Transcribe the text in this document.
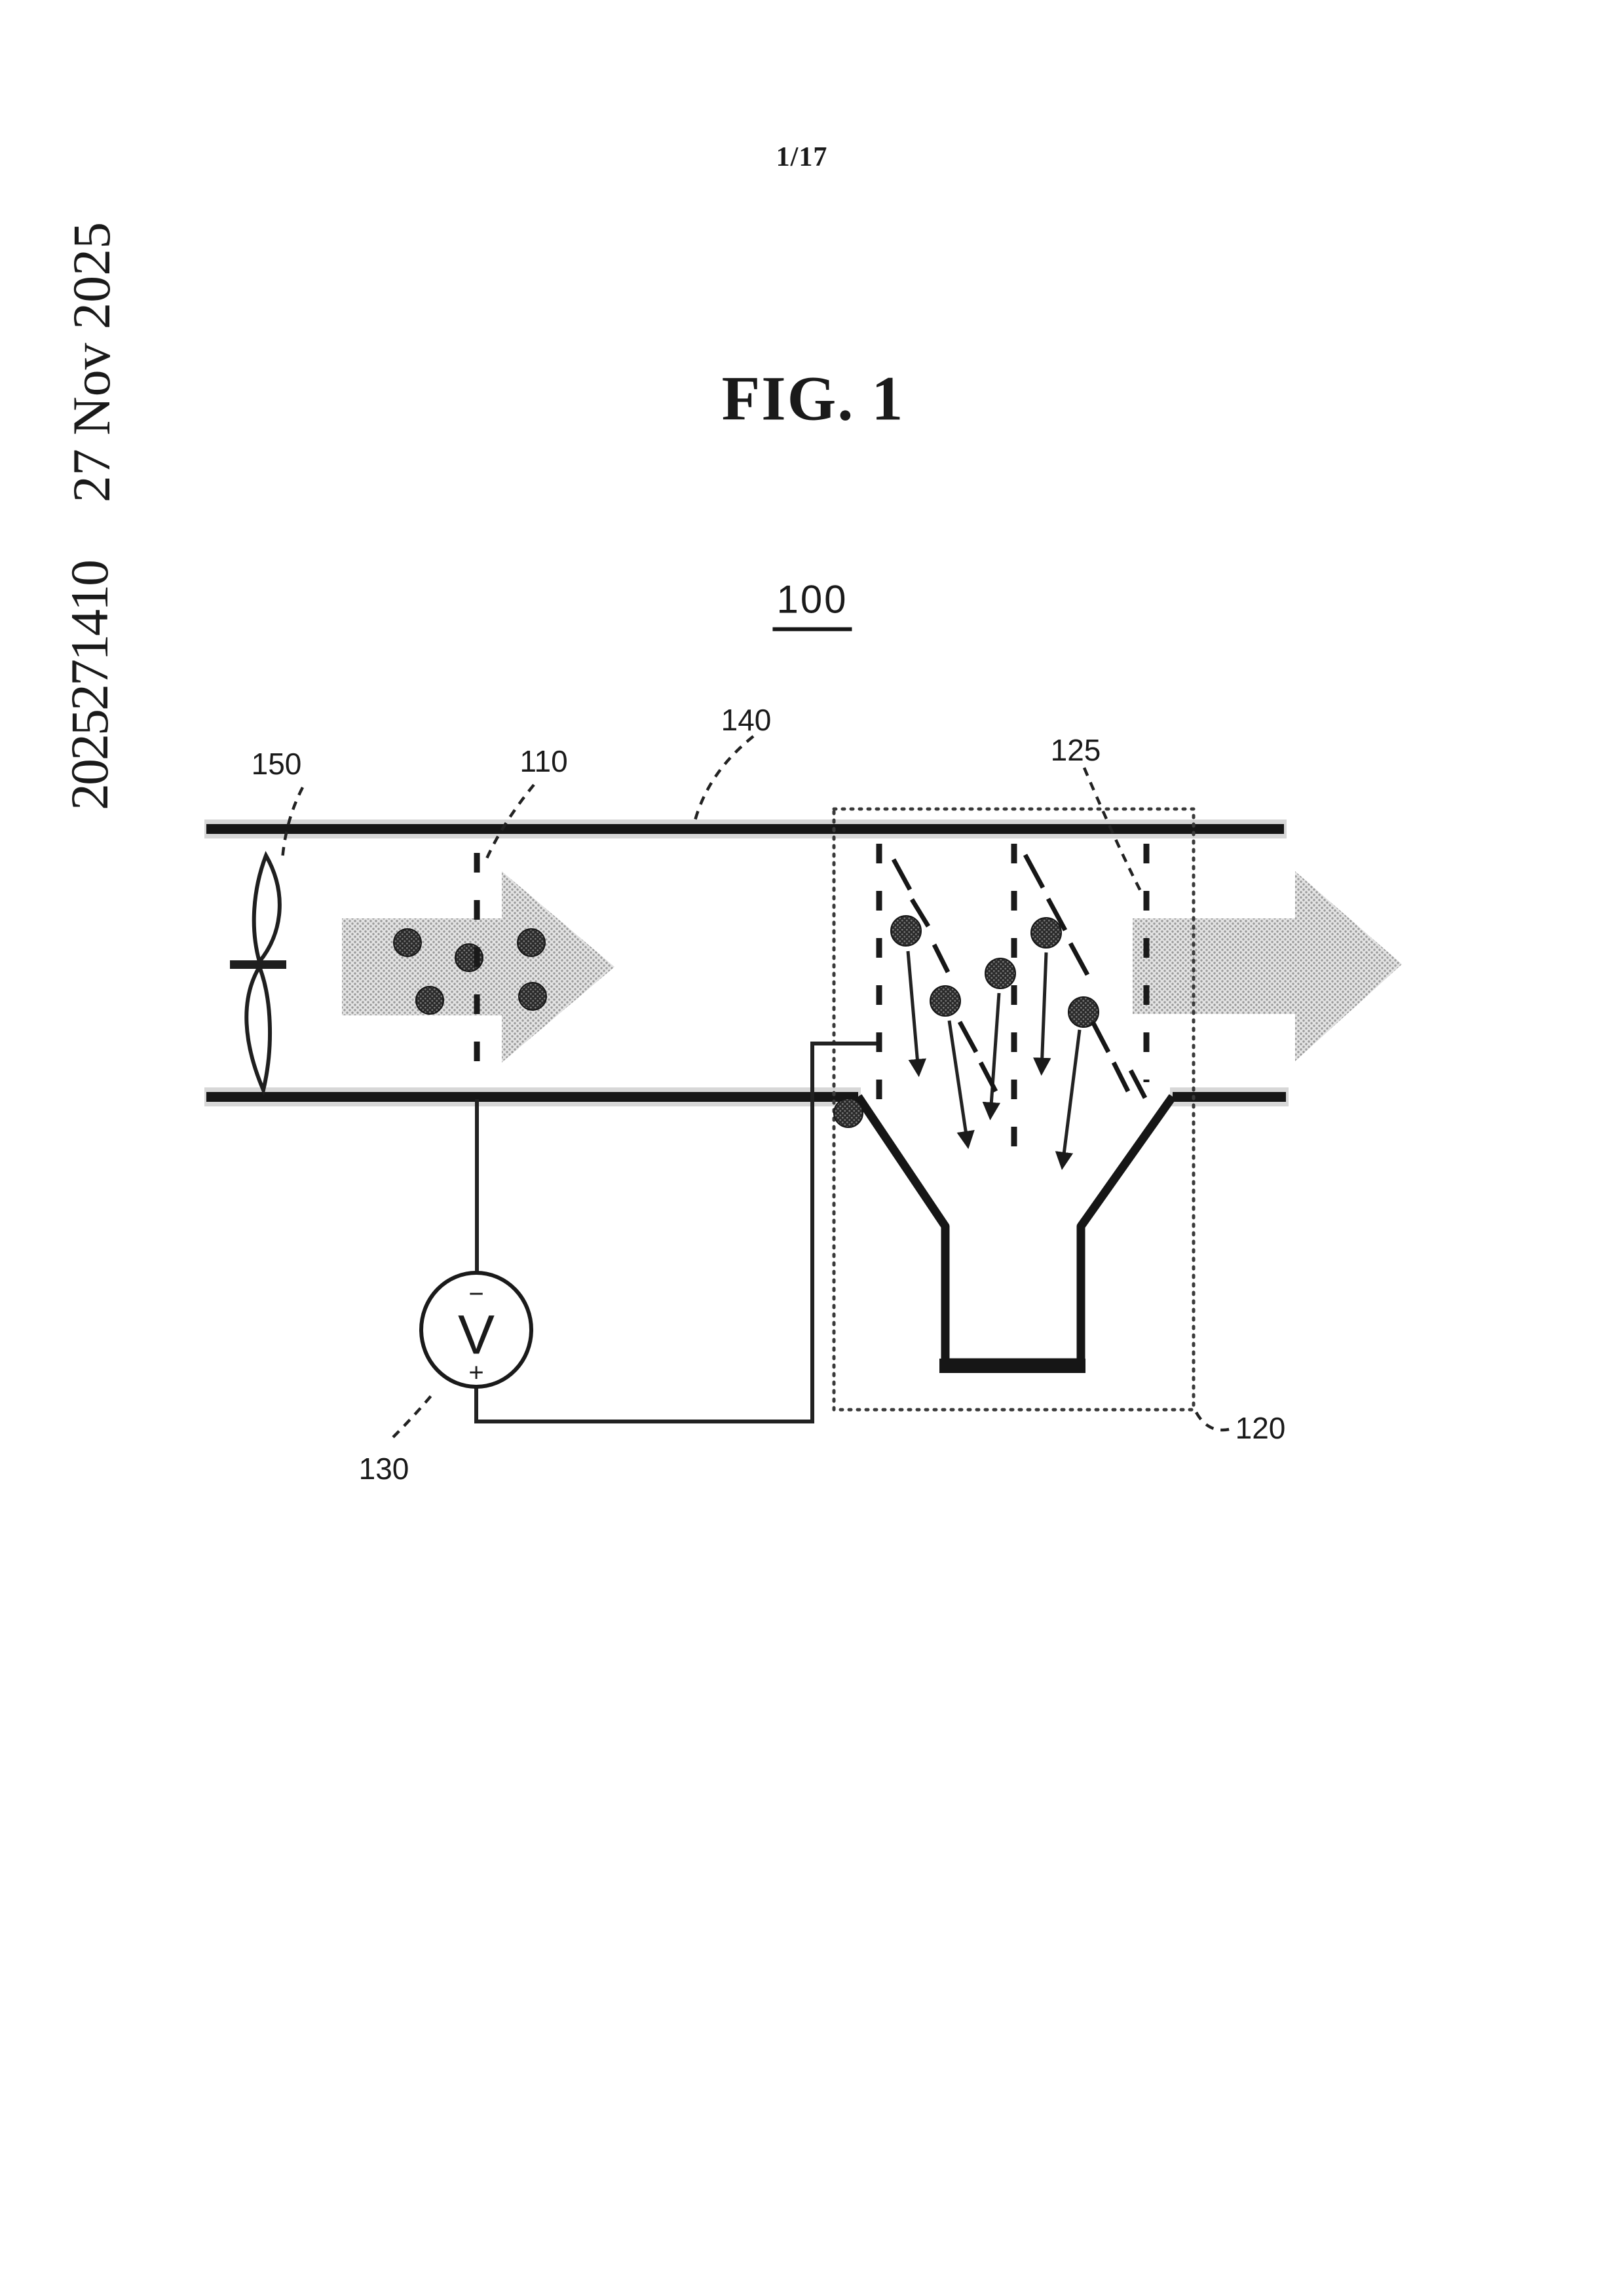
1/17
27 Nov 2025
2025271410
FIG. 1
100
150	110
140
125
130
120
−
V
+
